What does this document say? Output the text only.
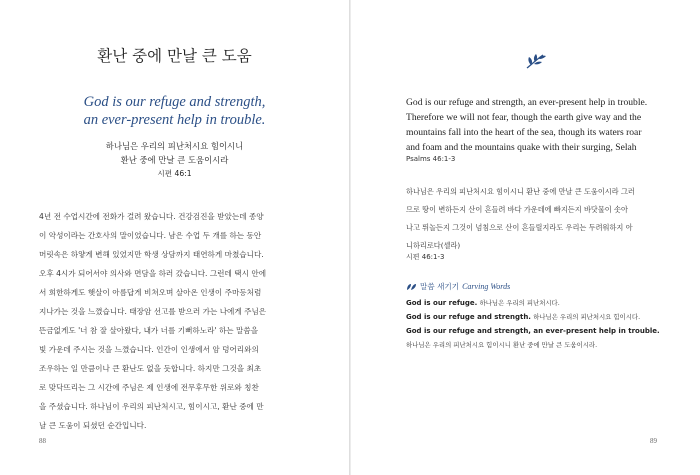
환난 중에 만날 큰 도움
God is our refuge and strength,
an ever-present help in trouble.
하나님은 우리의 피난처시요 힘이시니
환난 중에 만날 큰 도움이시라
시편 46:1

4년 전 수업시간에 전화가 걸려 왔습니다. 건강검진을 받았는데 종양

이 악성이라는 간호사의 말이었습니다. 남은 수업 두 개를 하는 동안

머릿속은 하얗게 변해 있었지만 학생 상담까지 태연하게 마쳤습니다.

오후 4시가 되어서야 의사와 면담을 하러 갔습니다. 그런데 택시 안에

서 희한하게도 햇살이 아름답게 비쳐오며 살아온 인생이 주마등처럼

지나가는 것을 느꼈습니다. 태장암 선고를 받으러 가는 나에게 주님은

뜬금없게도 '너 참 잘 살아왔다, 내가 너를 기뻐하노라' 하는 말씀을

빛 가운데 주시는 것을 느꼈습니다. 인간이 인생에서 암 덩어리와의

조우하는 일 만큼이나 큰 환난도 없을 듯합니다. 하지만 그것을 최초

로 맞닥뜨리는 그 시간에 주님은 제 인생에 전무후무한 위로와 칭찬

을 주셨습니다. 하나님이 우리의 피난처시고, 힘이시고, 환난 중에 만

날 큰 도움이 되셨던 순간입니다.

88

God is our refuge and strength, an ever-present help in trouble.

Therefore we will not fear, though the earth give way and the

mountains fall into the heart of the sea, though its waters roar

and foam and the mountains quake with their surging, Selah

Psalms 46:1-3

하나님은 우리의 피난처시요 힘이시니 환난 중에 만날 큰 도움이시라 그러

므로 땅이 변하든지 산이 흔들려 바다 가운데에 빠지든지 바닷물이 솟아

나고 뛰놀든지 그것이 넘침으로 산이 흔들릴지라도 우리는 두려워하지 아

니하리로다(셀라)

시편 46:1-3
말씀 새기기 Carving Words
God is our refuge. 하나님은 우리의 피난처시다.
God is our refuge and strength. 하나님은 우리의 피난처시요 힘이시다.
God is our refuge and strength, an ever-present help in trouble.
하나님은 우리의 피난처시요 힘이시니 환난 중에 만날 큰 도움이시라.
89
